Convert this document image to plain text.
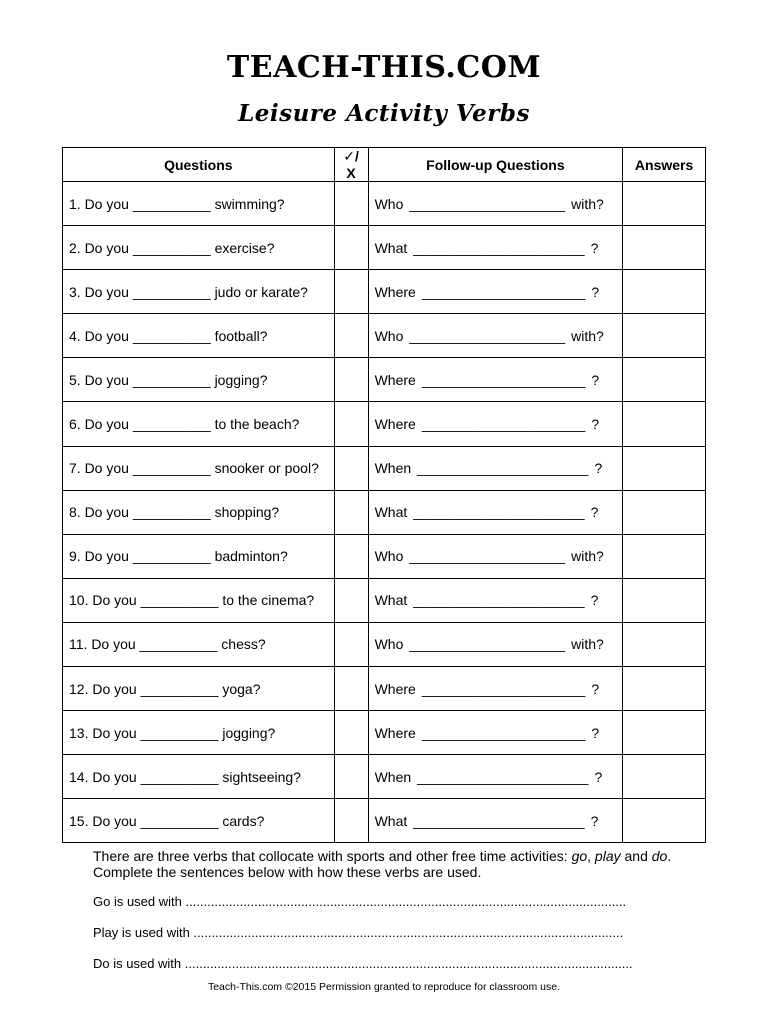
TEACH-THIS.COM
Leisure Activity Verbs
Questions	✓/ X	Follow-up Questions	Answers
1. Do you __________ swimming?		Who ____________________ with?	

2. Do you __________ exercise?		What ______________________ ?	

3. Do you __________ judo or karate?		Where _____________________ ?	

4. Do you __________ football?		Who ____________________ with?	

5. Do you __________ jogging?		Where _____________________ ?	

6. Do you __________ to the beach?		Where _____________________ ?	

7. Do you __________ snooker or pool?		When ______________________ ?	

8. Do you __________ shopping?		What ______________________ ?	

9. Do you __________ badminton?		Who ____________________ with?	

10. Do you __________ to the cinema?		What ______________________ ?	

11. Do you __________ chess?		Who ____________________ with?	

12. Do you __________ yoga?		Where _____________________ ?	

13. Do you __________ jogging?		Where _____________________ ?	

14. Do you __________ sightseeing?		When ______________________ ?	

15. Do you __________ cards?		What ______________________ ?	

There are three verbs that collocate with sports and other free time activities: go, play and do.
Complete the sentences below with how these verbs are used.
Go is used with ..........................................................................................................................
Play is used with .......................................................................................................................
Do is used with ............................................................................................................................
Teach-This.com ©2015 Permission granted to reproduce for classroom use.
